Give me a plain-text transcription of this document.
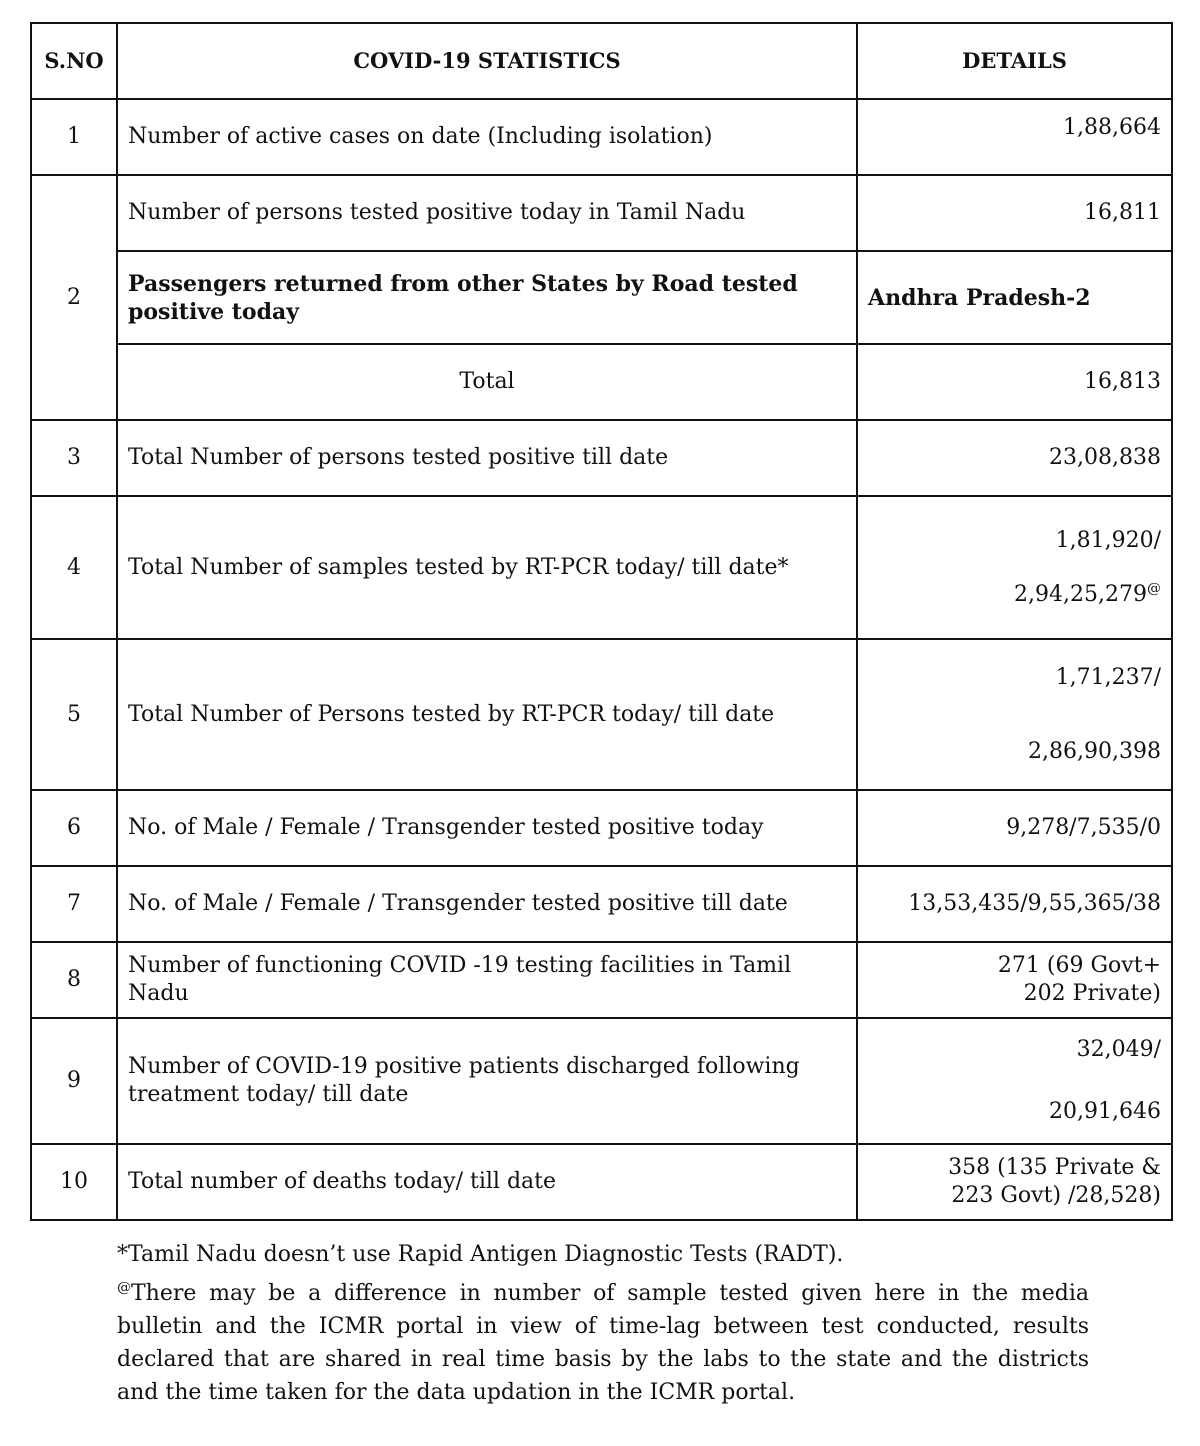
S.NO	COVID-19 STATISTICS	DETAILS
1	Number of active cases on date (Including isolation)	1,88,664
2	Number of persons tested positive today in Tamil Nadu	16,811
	Passengers returned from other States by Road tested positive today	Andhra Pradesh-2
	Total	16,813
3	Total Number of persons tested positive till date	23,08,838
4	Total Number of samples tested by RT-PCR today/ till date*	1,81,920/
2,94,25,279@

5	Total Number of Persons tested by RT-PCR today/ till date	1,71,237/
2,86,90,398

6	No. of Male / Female / Transgender tested positive today	9,278/7,535/0
7	No. of Male / Female / Transgender tested positive till date	13,53,435/9,55,365/38
8	Number of functioning COVID -19 testing facilities in Tamil Nadu	271 (69 Govt+
202 Private)

9	Number of COVID-19 positive patients discharged following treatment today/ till date	32,049/
20,91,646

10	Total number of deaths today/ till date	358 (135 Private &
223 Govt) /28,528)

*Tamil Nadu doesn’t use Rapid Antigen Diagnostic Tests (RADT).

@There may be a difference in number of sample tested given here in the media bulletin and the ICMR portal in view of time-lag between test conducted, results declared that are shared in real time basis by the labs to the state and the districts and the time taken for the data updation in the ICMR portal.
